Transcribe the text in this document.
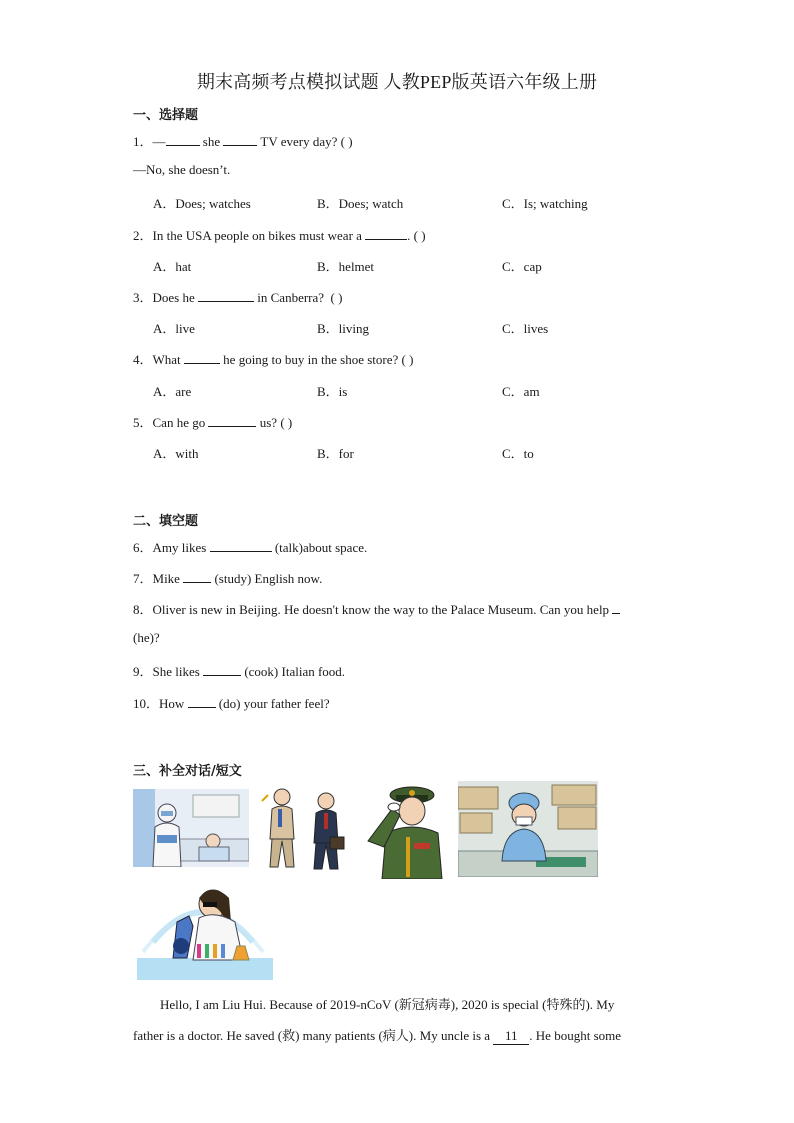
期末高频考点模拟试题 人教PEP版英语六年级上册
一、选择题
1．—	she	TV every day? ( )
—No, she doesn’t.
A．Does; watches	B．Does; watch	C．Is; watching
2．In the USA people on bikes must wear a	. ( )
A．hat	B．helmet	C．cap
3．Does he	in Canberra? ( )
A．live	B．living	C．lives
4．What	he going to buy in the shoe store? ( )
A．are	B．is	C．am
5．Can he go	us? ( )
A．with	B．for	C．to
二、填空题
6．Amy likes	(talk)about space.
7．Mike  (study) English now.
8．Oliver is new in Beijing. He doesn't know the way to the Palace Museum. Can you help
(he)?
9．She likes	(cook) Italian food.
10．How  (do) your father feel?
三、补全对话/短文
Hello, I am Liu Hui. Because of 2019-nCoV (新冠病毒), 2020 is special (特殊的). My
father is a doctor. He saved (救) many patients (病人). My uncle is a 11 . He bought some
